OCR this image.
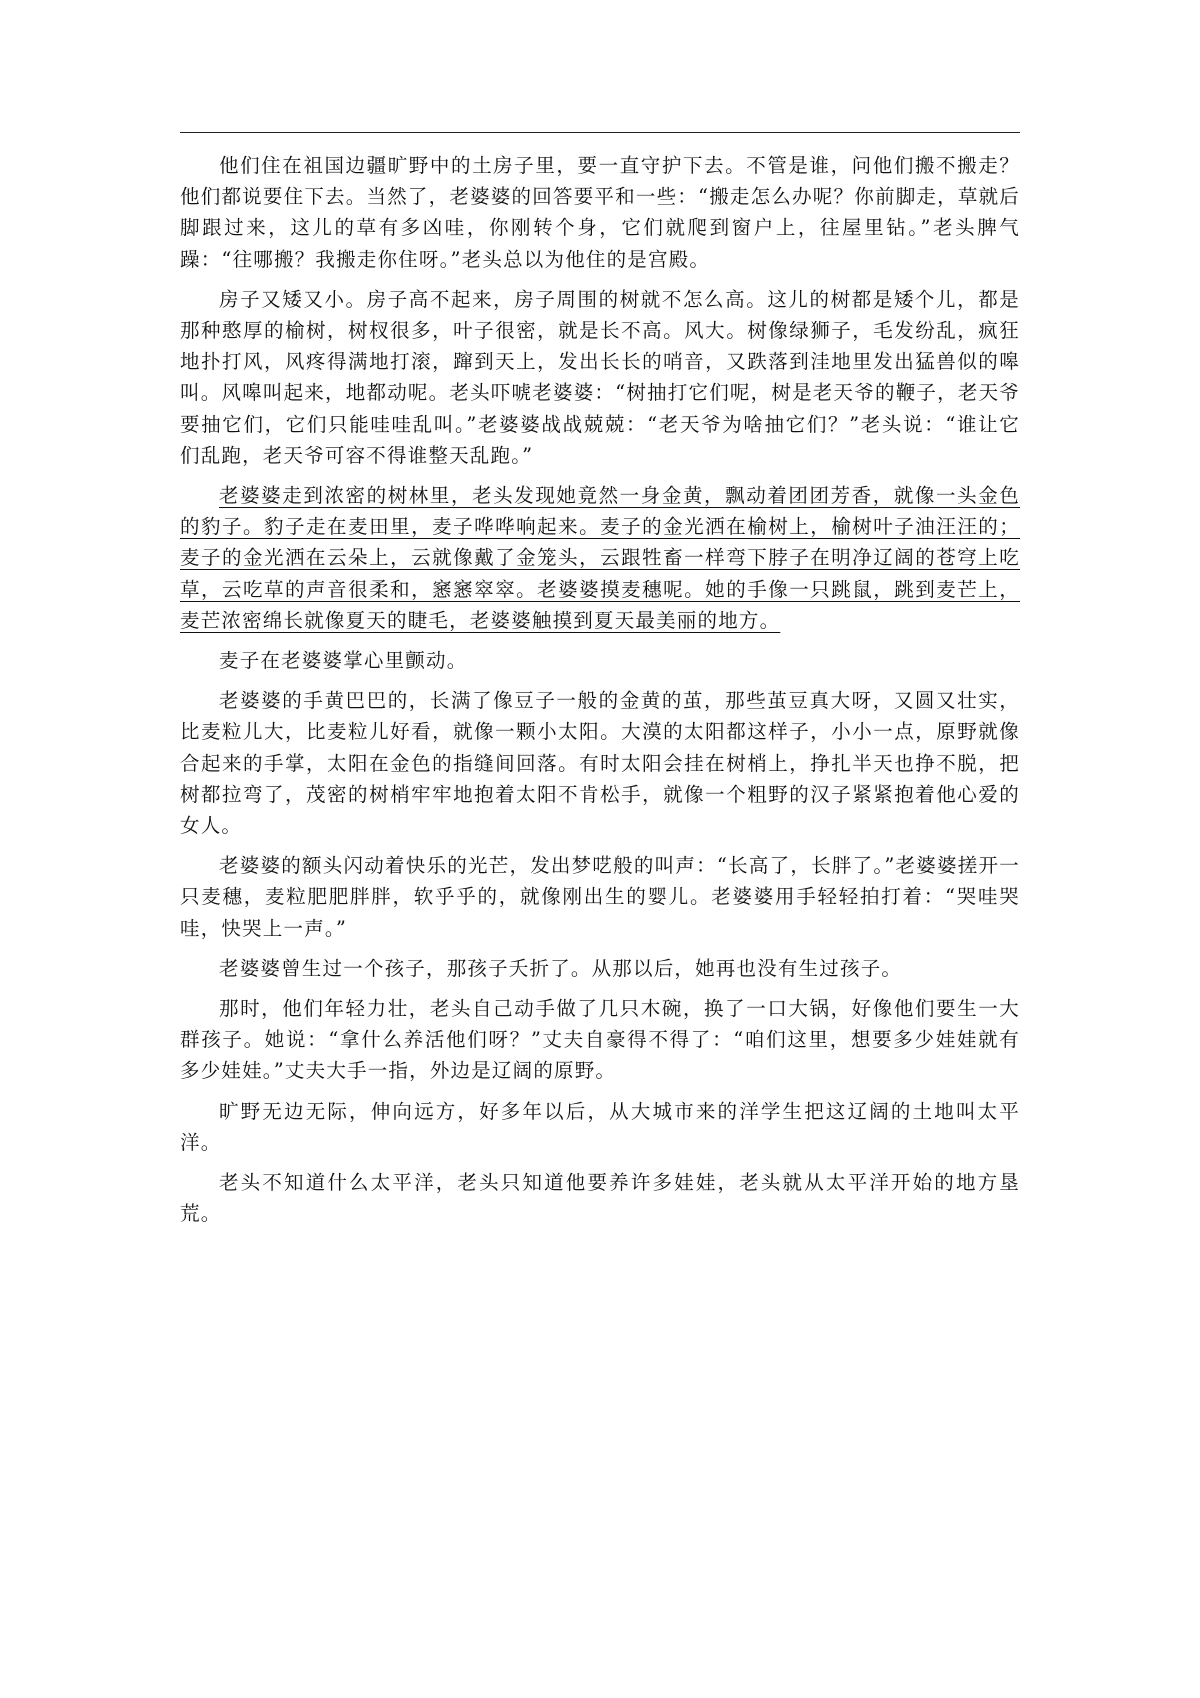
他们住在祖国边疆旷野中的土房子里，要一直守护下去。不管是谁，问他们搬不搬走？他们都说要住下去。当然了，老婆婆的回答要平和一些：“搬走怎么办呢？你前脚走，草就后脚跟过来，这儿的草有多凶哇，你刚转个身，它们就爬到窗户上，往屋里钻。”老头脾气躁：“往哪搬？我搬走你住呀。”老头总以为他住的是宫殿。

房子又矮又小。房子高不起来，房子周围的树就不怎么高。这儿的树都是矮个儿，都是那种憨厚的榆树，树杈很多，叶子很密，就是长不高。风大。树像绿狮子，毛发纷乱，疯狂地扑打风，风疼得满地打滚，蹿到天上，发出长长的哨音，又跌落到洼地里发出猛兽似的嗥叫。风嗥叫起来，地都动呢。老头吓唬老婆婆：“树抽打它们呢，树是老天爷的鞭子，老天爷要抽它们，它们只能哇哇乱叫。”老婆婆战战兢兢：“老天爷为啥抽它们？”老头说：“谁让它们乱跑，老天爷可容不得谁整天乱跑。”

老婆婆走到浓密的树林里，老头发现她竟然一身金黄，飘动着团团芳香，就像一头金色的豹子。豹子走在麦田里，麦子哗哗响起来。麦子的金光洒在榆树上，榆树叶子油汪汪的；麦子的金光洒在云朵上，云就像戴了金笼头，云跟牲畜一样弯下脖子在明净辽阔的苍穹上吃草，云吃草的声音很柔和，窸窸窣窣。老婆婆摸麦穗呢。她的手像一只跳鼠，跳到麦芒上，麦芒浓密绵长就像夏天的睫毛，老婆婆触摸到夏天最美丽的地方。

麦子在老婆婆掌心里颤动。

老婆婆的手黄巴巴的，长满了像豆子一般的金黄的茧，那些茧豆真大呀，又圆又壮实，比麦粒儿大，比麦粒儿好看，就像一颗小太阳。大漠的太阳都这样子，小小一点，原野就像合起来的手掌，太阳在金色的指缝间回落。有时太阳会挂在树梢上，挣扎半天也挣不脱，把树都拉弯了，茂密的树梢牢牢地抱着太阳不肯松手，就像一个粗野的汉子紧紧抱着他心爱的女人。

老婆婆的额头闪动着快乐的光芒，发出梦呓般的叫声：“长高了，长胖了。”老婆婆搓开一只麦穗，麦粒肥肥胖胖，软乎乎的，就像刚出生的婴儿。老婆婆用手轻轻拍打着：“哭哇哭哇，快哭上一声。”

老婆婆曾生过一个孩子，那孩子夭折了。从那以后，她再也没有生过孩子。

那时，他们年轻力壮，老头自己动手做了几只木碗，换了一口大锅，好像他们要生一大群孩子。她说：“拿什么养活他们呀？”丈夫自豪得不得了：“咱们这里，想要多少娃娃就有多少娃娃。”丈夫大手一指，外边是辽阔的原野。

旷野无边无际，伸向远方，好多年以后，从大城市来的洋学生把这辽阔的土地叫太平洋。

老头不知道什么太平洋，老头只知道他要养许多娃娃，老头就从太平洋开始的地方垦荒。
